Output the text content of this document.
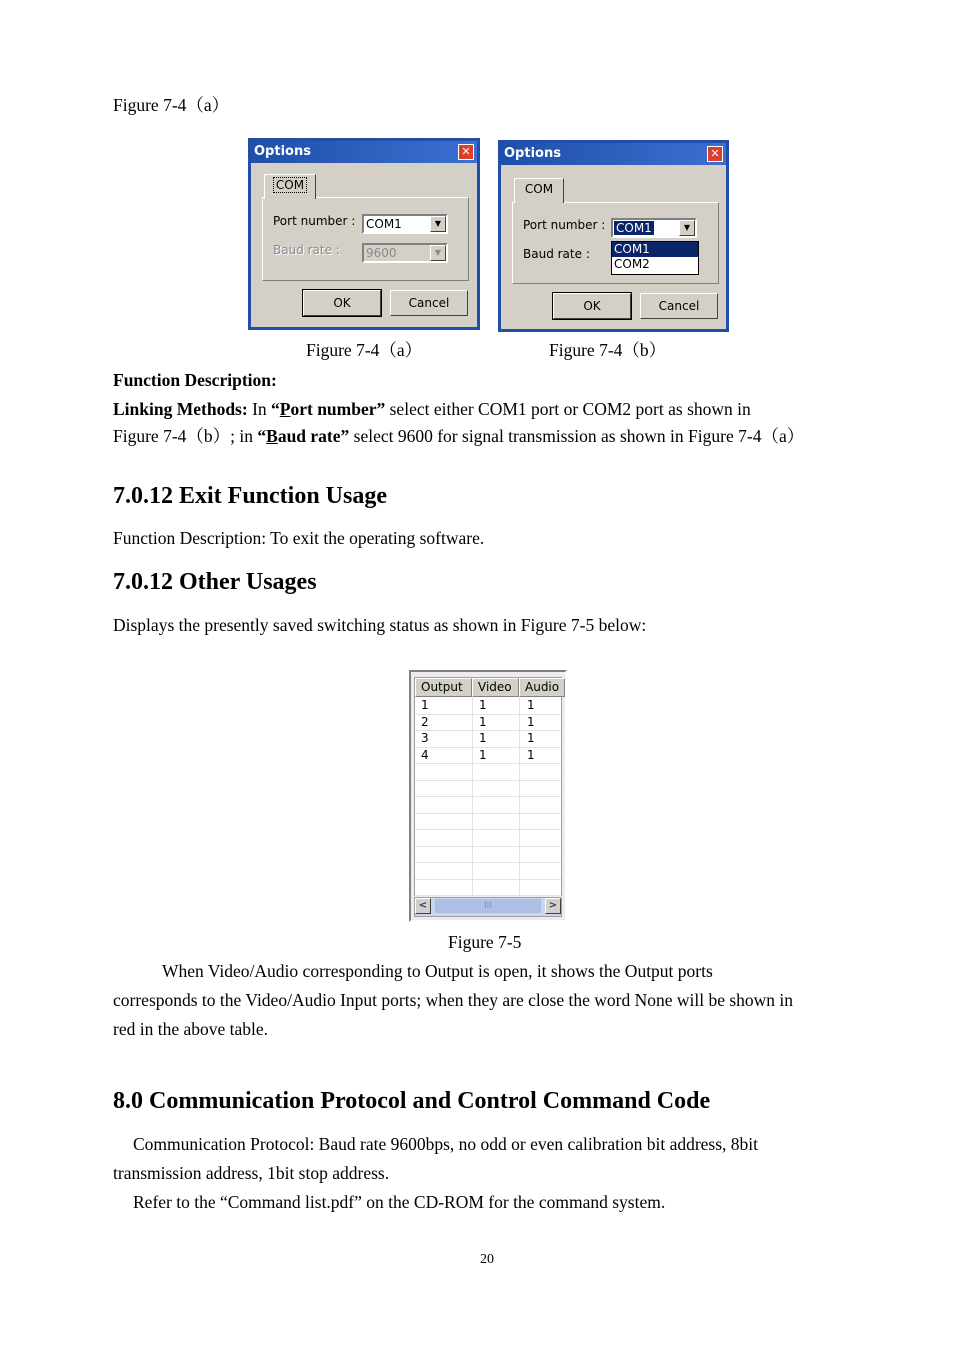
Figure 7-4（a）
Options	✕
COM
Port number : COM1	▼
Baud rate : 9600	▼
OK	Cancel
Options	✕
COM
Port number : COM1	▼
Baud rate : COM1
COM2
OK	Cancel
Figure 7-4（a）	Figure 7-4（b）
Function Description:
Linking Methods: In “Port number” select either COM1 port or COM2 port as shown in
Figure 7-4（b）; in “Baud rate” select 9600 for signal transmission as shown in Figure 7-4（a）
7.0.12 Exit Function Usage
Function Description: To exit the operating software.
7.0.12 Other Usages
Displays the presently saved switching status as shown in Figure 7-5 below:
Output	Video	Audio
1	1	1
2	1	1
3	1	1
4	1	1
<	III	>
Figure 7-5
When Video/Audio corresponding to Output is open, it shows the Output ports
corresponds to the Video/Audio Input ports; when they are close the word None will be shown in
red in the above table.
8.0 Communication Protocol and Control Command Code
Communication Protocol: Baud rate 9600bps, no odd or even calibration bit address, 8bit
transmission address, 1bit stop address.
Refer to the “Command list.pdf” on the CD-ROM for the command system.
20
